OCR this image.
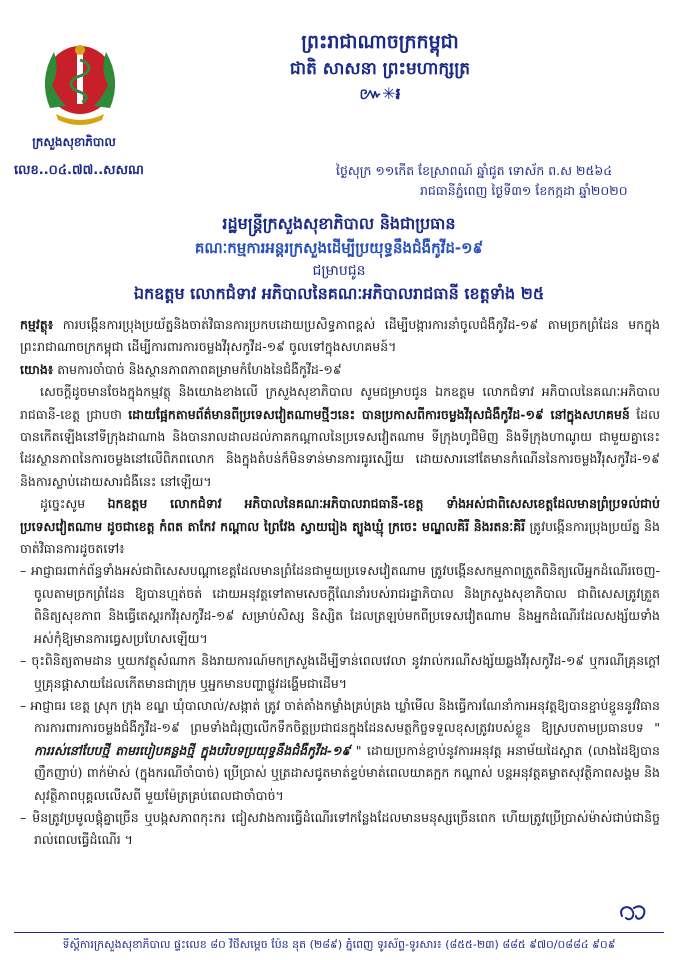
ក្រសួងសុខាភិបាល
លេខ..០៤.៧៧..សសណ
ព្រះរាជាណាចក្រកម្ពុជា
ជាតិ សាសនា ព្រះមហាក្សត្រ
៚✳៛
ថ្ងៃសុក្រ ១១កើត ខែស្រាពណ៍ ឆ្នាំជូត ទោស័ក ព.ស ២៥៦៤
រាជធានីភ្នំពេញ ថ្ងៃទី៣១ ខែកក្កដា ឆ្នាំ២០២០
រដ្ឋមន្ត្រីក្រសួងសុខាភិបាល និងជាប្រធាន
គណៈកម្មការអន្តរក្រសួងដើម្បីប្រយុទ្ធនឹងជំងឺកូវីដ-១៩
ជម្រាបជូន
ឯកឧត្តម លោកជំទាវ អភិបាលនៃគណៈអភិបាលរាជធានី ខេត្តទាំង ២៥

កម្មវត្ថុ៖ ការបង្កើនការប្រុងប្រយ័ត្ននិងចាត់វិធានការប្រកបដោយប្រសិទ្ធភាពខ្ពស់ ដើម្បីបង្ការការនាំចូលជំងឺកូវីដ-១៩ តាមច្រកព្រំដែន មកក្នុងព្រះរាជាណាចក្រកម្ពុជា ដើម្បីការពារការចម្លងវីរុសកូវីដ-១៩ ចូលទៅក្នុងសហគមន៍។

យោង៖ តាមការចាំបាច់ និងស្ថានភាពភាពគម្រាមកំហែងនៃជំងឺកូវីដ-១៩

សេចក្តីដូចមានចែងក្នុងកម្មវត្ថុ និងយោងខាងលើ ក្រសួងសុខាភិបាល សូមជម្រាបជូន ឯកឧត្តម លោកជំទាវ អភិបាលនៃគណៈអភិបាលរាជធានី-ខេត្ត ជ្រាបថា ដោយផ្អែកតាមព័ត៌មានពីប្រទេសវៀតណាមថ្មីៗនេះ បានប្រកាសពីការចម្លងវីរុសជំងឺកូវីដ-១៩ នៅក្នុងសហគមន៍ ដែលបានកើតឡើងនៅទីក្រុងដាណាង និងបានរាលដាលដល់ភាគកណ្តាលនៃប្រទេសវៀតណាម ទីក្រុងហូជីមិញ និងទីក្រុងហាណូយ ជាមួយគ្នានេះដែរស្ថានភាពនៃការចម្លងនៅលើពិភពលោក និងក្នុងតំបន់ក៏មិនទាន់មានការធូរស្បើយ ដោយសារនៅតែមានកំណើននៃការចម្លងវីរុសកូវីដ-១៩ និងការស្លាប់ដោយសារជំងឺនេះ នៅឡើយ។

ដូច្នេះសូម ឯកឧត្តម លោកជំទាវ អភិបាលនៃគណៈអភិបាលរាជធានី-ខេត្ត ទាំងអស់ជាពិសេសខេត្តដែលមានព្រំប្រទល់ជាប់ប្រទេសវៀតណាម ដូចជាខេត្ត កំពត តាកែវ កណ្តាល ព្រៃវែង ស្វាយរៀង ត្បូងឃ្មុំ ក្រចេះ មណ្ឌលគិរី និងរតនៈគិរី ត្រូវបង្កើនការប្រុងប្រយ័ត្ន និងចាត់វិធានការដូចតទៅ៖

– អាជ្ញាធរពាក់ព័ន្ធទាំងអស់ជាពិសេសបណ្តាខេត្តដែលមានព្រំដែនជាមួយប្រទេសវៀតណាម ត្រូវបង្កើនសកម្មភាពត្រួតពិនិត្យលើអ្នកដំណើរចេញ-ចូលតាមច្រកព្រំដែន ឱ្យបានហ្មត់ចត់ ដោយអនុវត្តទៅតាមសេចក្តីណែនាំរបស់រាជរដ្ឋាភិបាល និងក្រសួងសុខាភិបាល ជាពិសេសត្រូវត្រួតពិនិត្យសុខភាព និងធ្វើតេស្តរកវីរុសកូវីដ-១៩ សម្រាប់សិស្ស និស្សិត ដែលត្រឡប់មកពីប្រទេសវៀតណាម និងអ្នកដំណើរដែលសង្ស័យទាំងអស់កុំឱ្យមានការធ្វេសប្រហែសឡើយ។

– ចុះពិនិត្យតាមដាន ឬយកវត្ថុសំណាក និងរាយការណ៍មកក្រសួងដើម្បីទាន់ពេលវេលា នូវរាល់ករណីសង្ស័យឆ្លងវីរុសកូវីដ-១៩ ឬករណីគ្រុនក្តៅ ឬគ្រុនផ្តាសាយដែលកើតមានជាក្រុម ឬអ្នកមានបញ្ហាផ្លូវដង្ហើមជាដើម។

– អាជ្ញាធរ ខេត្ត ស្រុក ក្រុង ខណ្ឌ ឃុំបាលាល់/សង្កាត់ ត្រូវ ចាត់តាំងកម្លាំងគ្រប់គ្រង ឃ្លាំមើល និងធ្វើការណែនាំការអនុវត្តឱ្យបានខ្ជាប់ខ្ជួននូវវិធានការការពារការចម្លងជំងឺកូវីដ-១៩ ព្រមទាំងជំរុញលើកទឹកចិត្តប្រជាជនក្នុងដែនសមត្ថកិច្ចទទួលខុសត្រូវរបស់ខ្លួន ឱ្យស្របតាមប្រធានបទ " ការរស់នៅបែបថ្មី តាមរបៀបគន្លងថ្មី ក្នុងបរិបទប្រយុទ្ធនឹងជំងឺកូវីដ-១៩ " ដោយប្រកាន់ខ្ជាប់នូវការអនុវត្ត អនាម័យដៃស្អាត (លាងដៃឱ្យបានញឹកញាប់) ពាក់ម៉ាស់ (ក្នុងករណីចាំបាច់) ប្រើប្រាស់ ឬត្រដាសជូតមាត់ខ្ទប់មាត់ពេលយាគក្អក កណ្តាស់ បន្តអនុវត្តគម្លាតសុវត្ថិភាពសង្គម និងសុវត្ថិភាពបុគ្គលលើសពី មួយម៉ែត្រគ្រប់ពេលជាចាំបាច់។

– មិនត្រូវប្រមូលផ្តុំគ្នាច្រើន ឬបង្កសភាពកុះករ ជៀសវាងការធ្វើដំណើរទៅកន្លែងដែលមានមនុស្សច្រើនពេក ហើយត្រូវប្រើប្រាស់ម៉ាស់ជាប់ជានិច្ចរាល់ពេលធ្វើដំណើរ ។

ទីស្តីការក្រសួងសុខាភិបាល ផ្ទះលេខ ៨០ វិថីសម្តេច ប៉ែន នុត (២៨៩) ភ្នំពេញ ទូរស័ព្ទ-ទូរសារ៖ (៨៥៥-២៣) ៨៨៥ ៩៧០/០៨៨៤ ៩០៩
